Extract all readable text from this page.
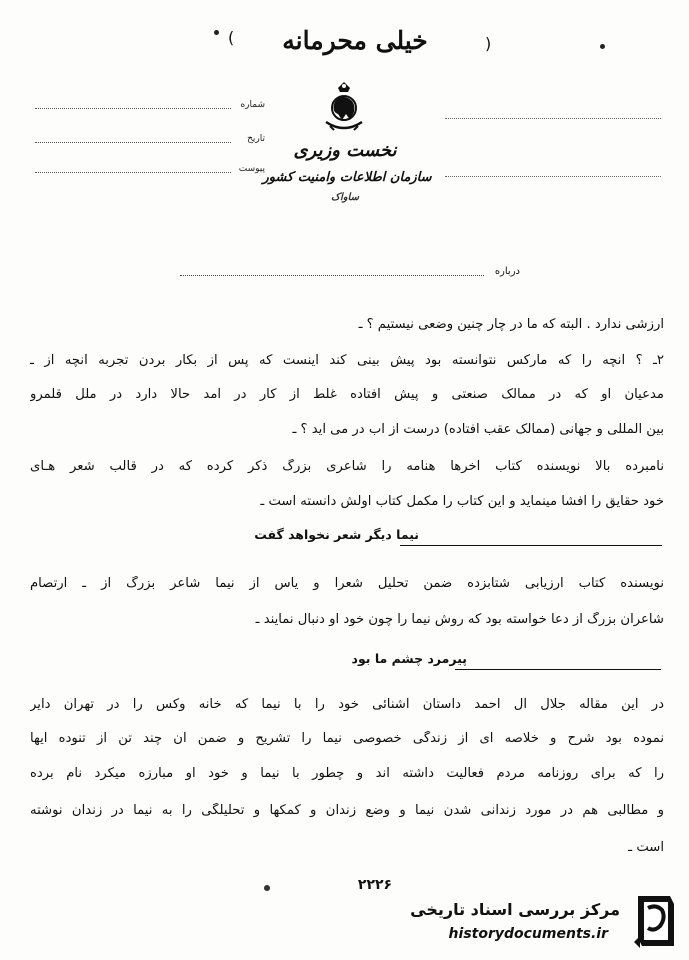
(	)
خیلی محرمانه
نخست وزیری
سازمان اطلاعات وامنیت کشور
ساواک
شماره
تاریخ
پیوست
درباره
ارزشی ندارد . البته که ما در چار چنین وضعی نیستیم ؟ ـ
۲ـ ؟ آنچه را که مارکس نتوانسته بود پیش بینی کند اینست که پس از بکار بردن تجربه آنچه از ـ
مدعیان او که در ممالک صنعتی و پیش افتاده غلط از کار در آمد حالا دارد در ملل قلمرو
بین المللی و جهانی (ممالک عقب افتاده) درست از آب در می آید ؟ ـ
نامبرده بالا نویسنده کتاب آخرها هنامه را شاعری بزرگ ذکر کرده که در قالب شعر هـای
خود حقایق را افشا مینماید و این کتاب را مکمل کتاب اولش دانسته است ـ
نیما دیگر شعر نخواهد گفت
نویسنده کتاب ارزیابی شتابزده ضمن تحلیل شعرا و یاس از نیما شاعر بزرگ از ـ ارتصام
شاعران بزرگ از دعا خواسته بود که روش نیما را چون خود او دنبال نمایند ـ
پیرمرد چشم ما بود
در این مقاله جلال آل احمد داستان آشنائی خود را با نیما که خانه وکس را در تهران دایر
نموده بود شرح و خلاصه ای از زندگی خصوصی نیما را تشریح و ضمن آن چند تن از تنوده ایها
را که برای روزنامه مردم فعالیت داشته اند و چطور با نیما و خود او مبارزه میکرد نام برده
و مطالبی هم در مورد زندانی شدن نیما و وضع زندان و کمکها و تحلیلگی را به نیما در زندان نوشته
است ـ
۲۲۲۶
مرکز بررسی اسناد تاریخی
historydocuments.ir
